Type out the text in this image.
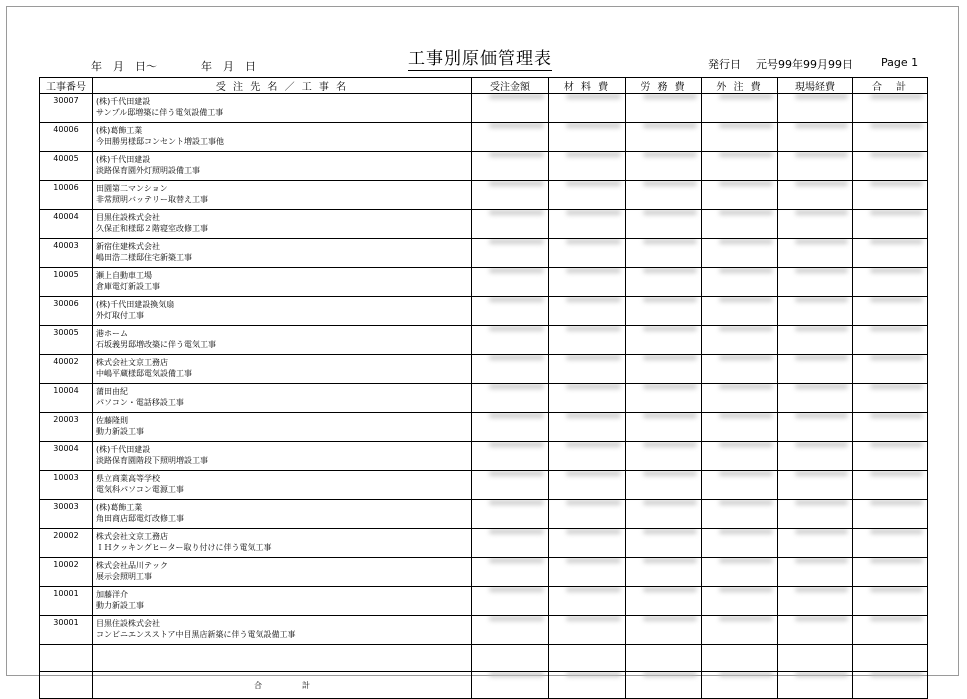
年　月　日～　　　　年　月　日	工事別原価管理表	発行日 元号99年99月99日	Page 1
工事番号	受 注 先 名 ／ 工 事 名	受注金額	材 料 費	労 務 費	外 注 費	現場経費	合　計
30007	(株)千代田建設
サンプル邸増築に伴う電気設備工事						

40006	(株)葛飾工業
今田勝男様邸コンセント増設工事他						

40005	(株)千代田建設
淡路保育園外灯照明設備工事						

10006	田園第二マンション
非常照明バッテリー取替え工事						

40004	目黒住設株式会社
久保正和様邸２階寝室改修工事						

40003	新宿住建株式会社
嶋田浩二様邸住宅新築工事						

10005	瀬上自動車工場
倉庫電灯新設工事						

30006	(株)千代田建設換気扇
外灯取付工事						

30005	港ホーム
石坂義男邸増改築に伴う電気工事						

40002	株式会社文京工務店
中嶋平蔵様邸電気設備工事						

10004	蒲田由紀
パソコン・電話移設工事						

20003	佐藤隆則
動力新設工事						

30004	(株)千代田建設
淡路保育園階段下照明増設工事						

10003	県立商業高等学校
電気科パソコン電源工事						

30003	(株)葛飾工業
角田商店邸電灯改修工事						

20002	株式会社文京工務店
ＩＨクッキングヒーター取り付けに伴う電気工事						

10002	株式会社品川テック
展示会照明工事						

10001	加藤洋介
動力新設工事						

30001	目黒住設株式会社
コンビニエンスストア中目黒店新築に伴う電気設備工事						

	合　　　　　計	
